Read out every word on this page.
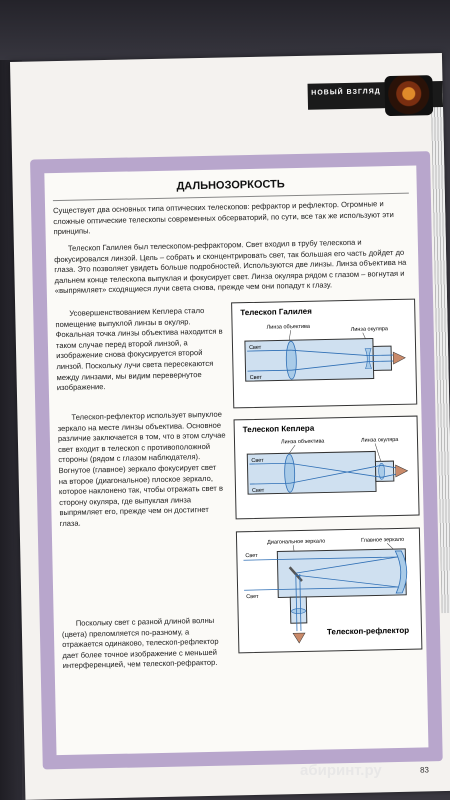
НОВЫЙ ВЗГЛЯД
ДАЛЬНОЗОРКОСТЬ
Существует два основных типа оптических телескопов: рефрактор и рефлектор. Огромные и сложные оптические телескопы современных обсерваторий, по сути, все так же используют эти принципы.
Телескоп Галилея был телескопом-рефрактором. Свет входил в трубу телескопа и фокусировался линзой. Цель – собрать и сконцентрировать свет, так большая его часть дойдет до глаза. Это позволяет увидеть больше подробностей. Используются две линзы. Линза объектива на дальнем конце телескопа выпуклая и фокусирует свет. Линза окуляра рядом с глазом – вогнутая и «выпрямляет» сходящиеся лучи света снова, прежде чем они попадут к глазу.
Усовершенствованием Кеплера стало помещение выпуклой линзы в окуляр. Фокальная точка линзы объектива находится в таком случае перед второй линзой, а изображение снова фокусируется второй линзой. Поскольку лучи света пересекаются между линзами, мы видим перевернутое изображение.
Телескоп-рефлектор использует выпуклое зеркало на месте линзы объектива. Основное различие заключается в том, что в этом случае свет входит в телескоп с противоположной стороны (рядом с глазом наблюдателя). Вогнутое (главное) зеркало фокусирует свет на второе (диагональное) плоское зеркало, которое наклонено так, чтобы отражать свет в сторону окуляра, где выпуклая линза выпрямляет его, прежде чем он достигнет глаза.
Поскольку свет с разной длиной волны (цвета) преломляется по-разному, а отражается одинаково, телескоп-рефлектор дает более точное изображение с меньшей интерференцией, чем телескоп-рефрактор.
Телескоп Галилея
Линза объектива	Линза окуляра
Свет
Свет
Телескоп Кеплера
Линза объектива	Линза окуляра
Свет
Свет
Диагональное зеркало	Главное зеркало
Свет
Свет
Телескоп-рефлектор
83
абиринт.ру
